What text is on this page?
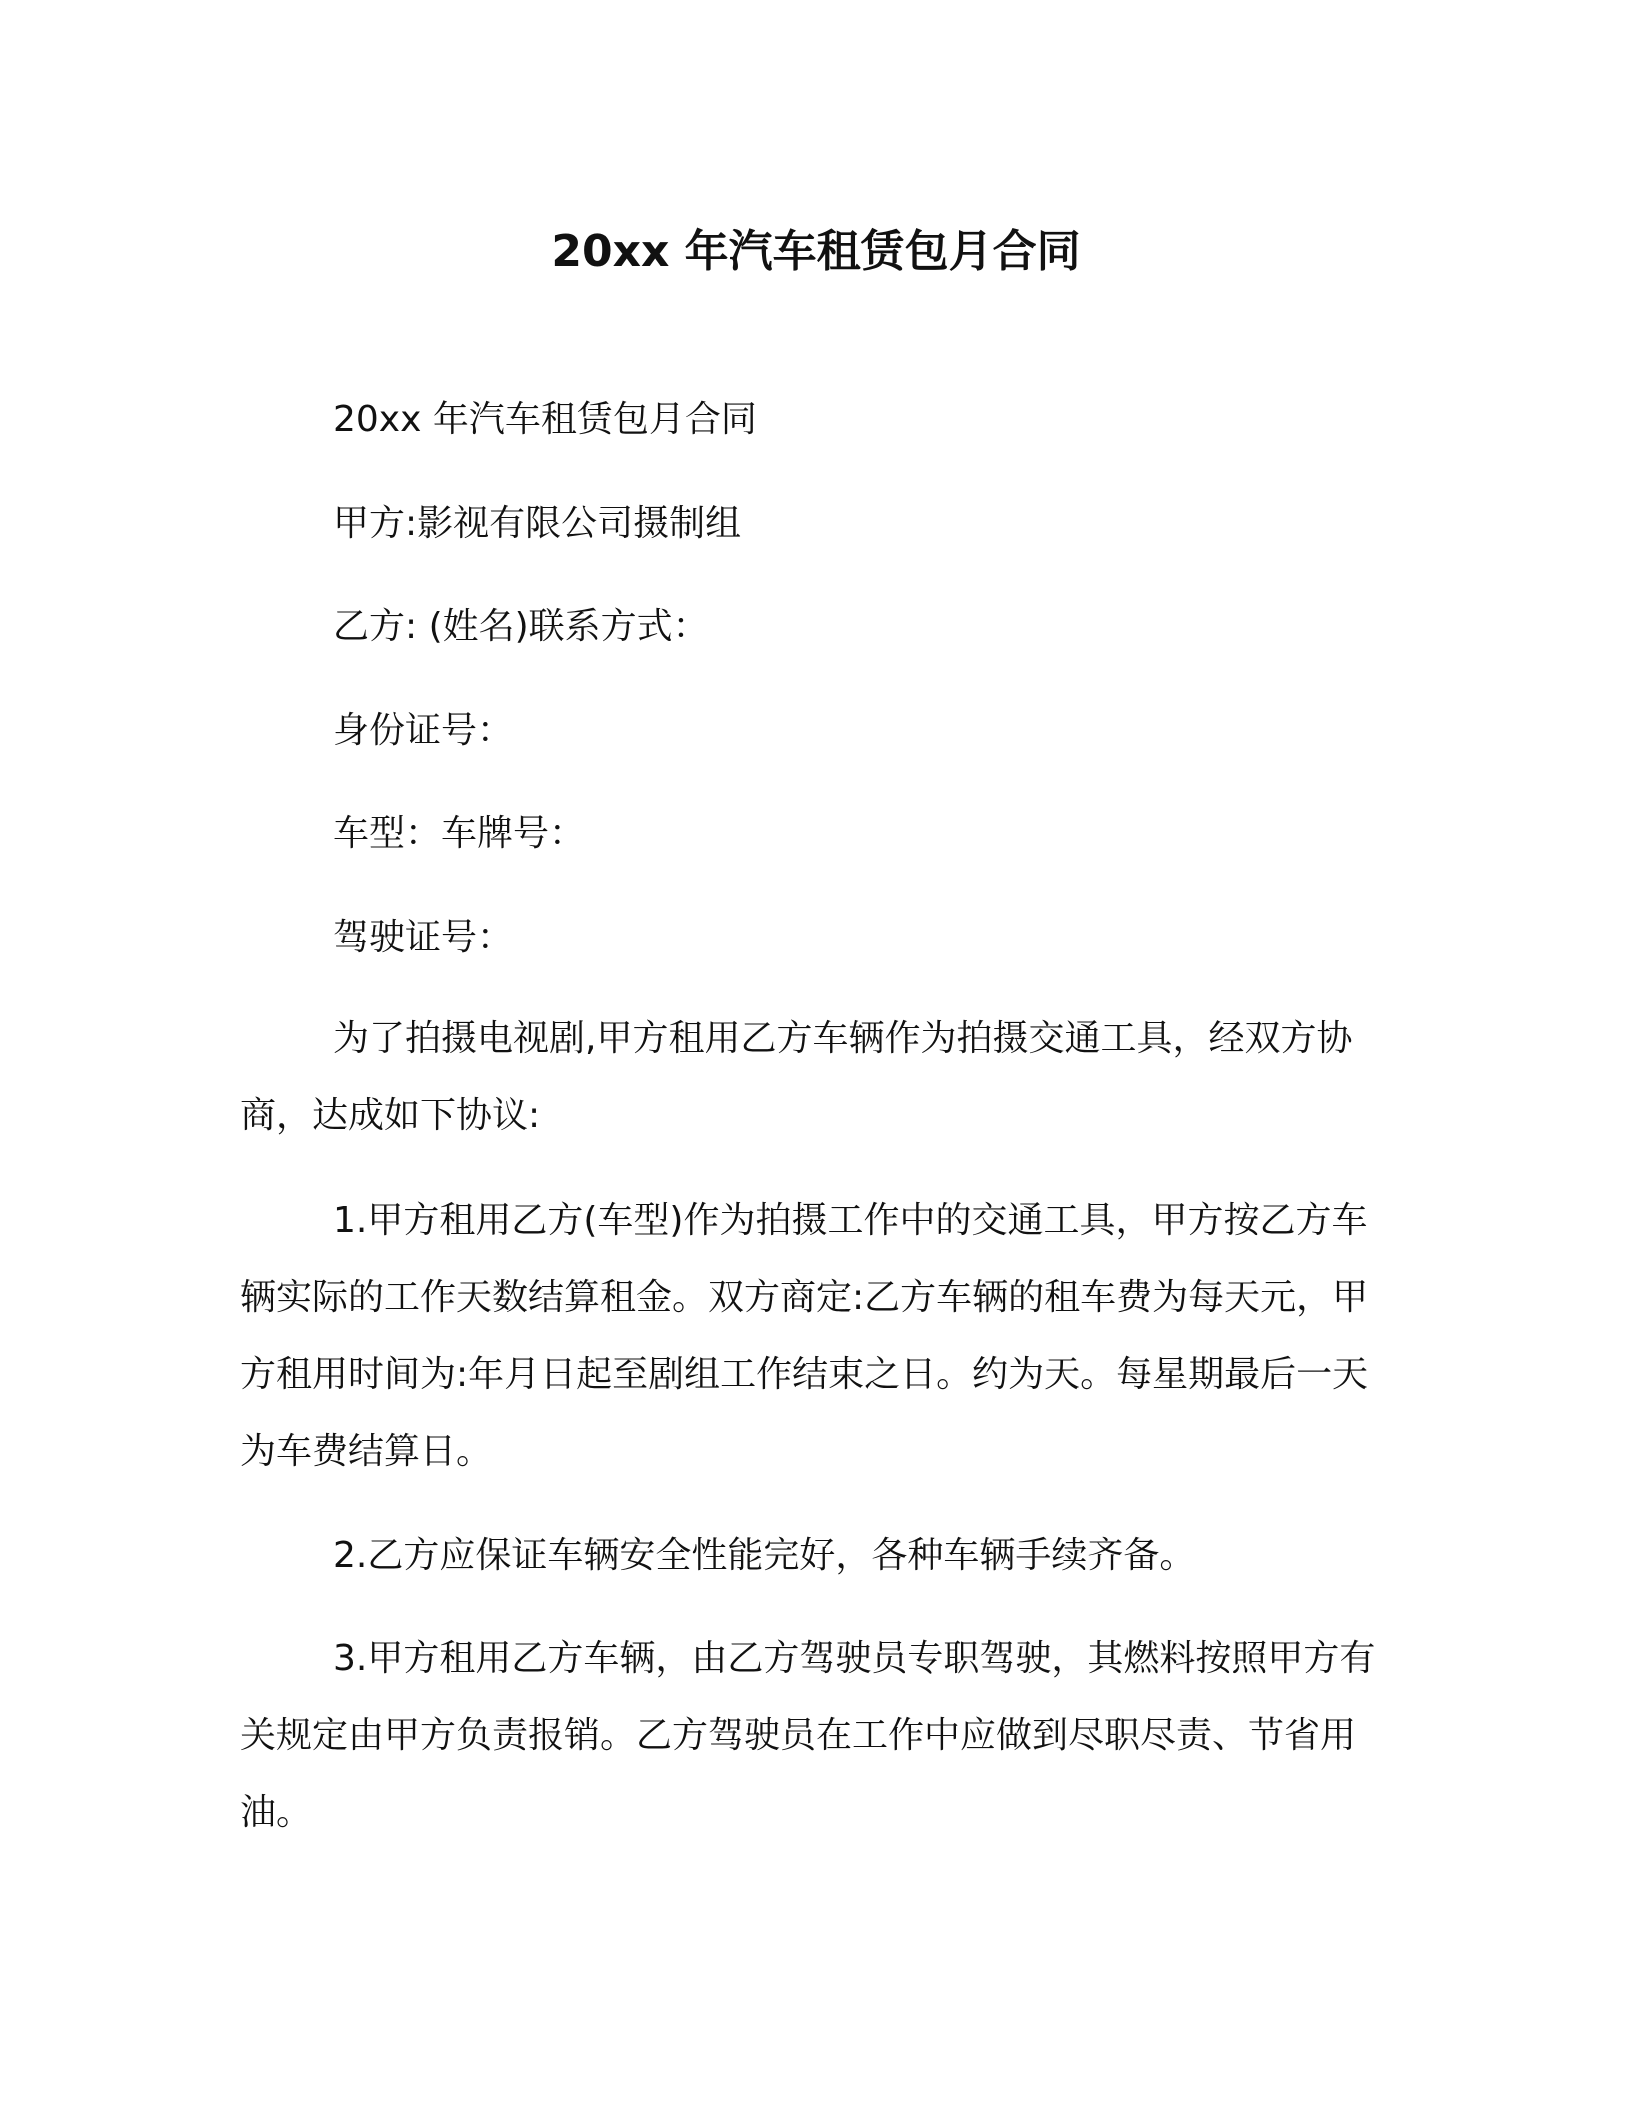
20xx 年汽车租赁包月合同
20xx 年汽车租赁包月合同
甲方:影视有限公司摄制组
乙方: (姓名)联系方式：
身份证号：
车型：车牌号：
驾驶证号：

为了拍摄电视剧,甲方租用乙方车辆作为拍摄交通工具，经双方协商，达成如下协议:

1.甲方租用乙方(车型)作为拍摄工作中的交通工具，甲方按乙方车辆实际的工作天数结算租金。双方商定:乙方车辆的租车费为每天元，甲方租用时间为:年月日起至剧组工作结束之日。约为天。每星期最后一天为车费结算日。

2.乙方应保证车辆安全性能完好，各种车辆手续齐备。

3.甲方租用乙方车辆，由乙方驾驶员专职驾驶，其燃料按照甲方有关规定由甲方负责报销。乙方驾驶员在工作中应做到尽职尽责、节省用油。
